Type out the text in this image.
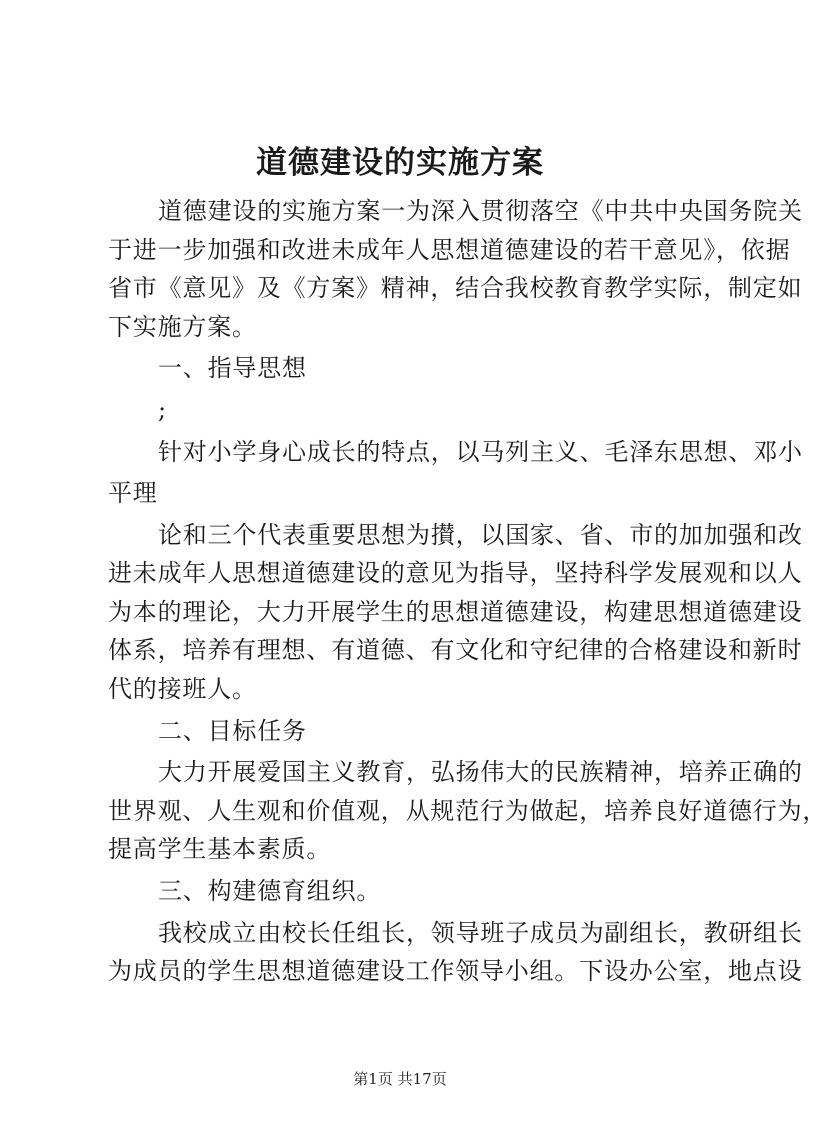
道德建设的实施方案
道德建设的实施方案一为深入贯彻落空《中共中央国务院关
于进一步加强和改进未成年人思想道德建设的若干意见》，依据
省市《意见》及《方案》精神，结合我校教育教学实际，制定如
下实施方案。
一、指导思想
;
针对小学身心成长的特点，以马列主义、毛泽东思想、邓小
平理
论和三个代表重要思想为攅，以国家、省、市的加加强和改
进未成年人思想道德建设的意见为指导，坚持科学发展观和以人
为本的理论，大力开展学生的思想道德建设，构建思想道德建设
体系，培养有理想、有道德、有文化和守纪律的合格建设和新时
代的接班人。
二、目标任务
大力开展爱国主义教育，弘扬伟大的民族精神，培养正确的
世界观、人生观和价值观，从规范行为做起，培养良好道德行为，
提高学生基本素质。
三、构建德育组织。
我校成立由校长任组长，领导班子成员为副组长，教研组长
为成员的学生思想道德建设工作领导小组。下设办公室，地点设
第1页 共17页
